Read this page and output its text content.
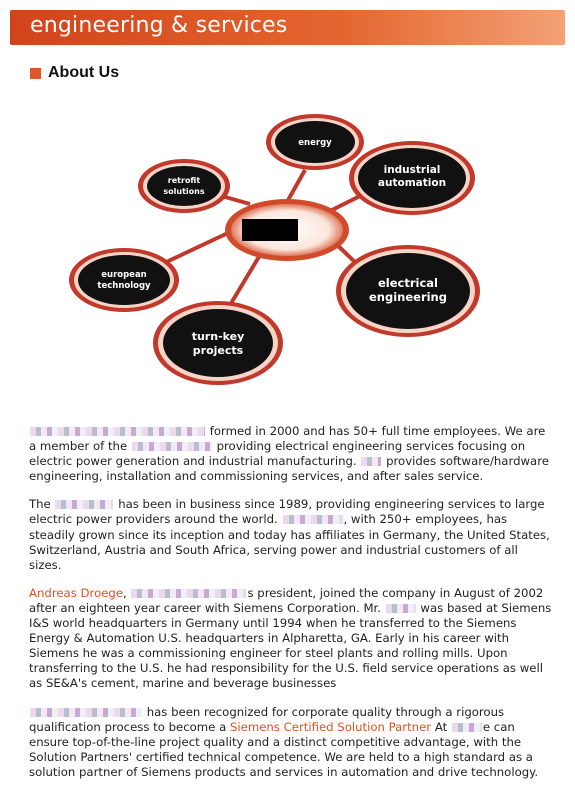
engineering & services
About Us
energy
industrial
automation
retrofit
solutions
european
technology	electrical
engineering
turn-key
projects

formed in 2000 and has 50+ full time employees. We are a member of the	providing electrical engineering services focusing on electric power generation and industrial manufacturing.	provides software/hardware engineering, installation and commissioning services, and after sales service.

The	has been in business since 1989, providing engineering services to large electric power providers around the world.	, with 250+ employees, has steadily grown since its inception and today has affiliates in Germany, the United States, Switzerland, Austria and South Africa, serving power and industrial customers of all sizes.

Andreas Droege,	s president, joined the company in August of 2002 after an eighteen year career with Siemens Corporation. Mr.	was based at Siemens I&S world headquarters in Germany until 1994 when he transferred to the Siemens Energy & Automation U.S. headquarters in Alpharetta, GA. Early in his career with Siemens he was a commissioning engineer for steel plants and rolling mills. Upon transferring to the U.S. he had responsibility for the U.S. field service operations as well as SE&A's cement, marine and beverage businesses

has been recognized for corporate quality through a rigorous qualification process to become a Siemens Certified Solution Partner At	e can ensure top-of-the-line project quality and a distinct competitive advantage, with the Solution Partners' certified technical competence. We are held to a high standard as a solution partner of Siemens products and services in automation and drive technology.
